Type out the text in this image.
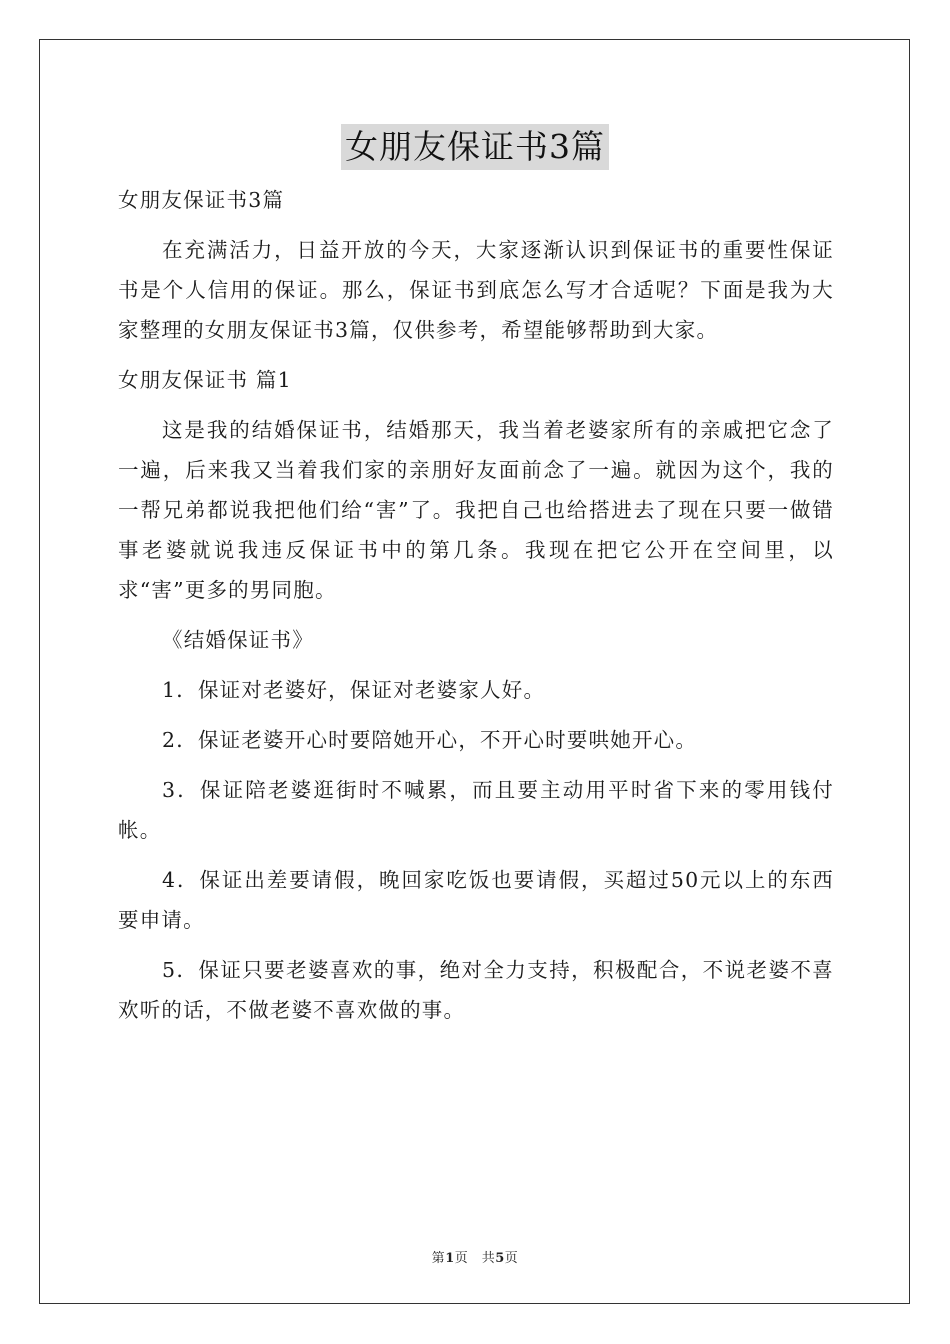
女朋友保证书3篇

女朋友保证书3篇

在充满活力，日益开放的今天，大家逐渐认识到保证书的重要性保证书是个人信用的保证。那么，保证书到底怎么写才合适呢？下面是我为大家整理的女朋友保证书3篇，仅供参考，希望能够帮助到大家。

女朋友保证书 篇1

这是我的结婚保证书，结婚那天，我当着老婆家所有的亲戚把它念了一遍，后来我又当着我们家的亲朋好友面前念了一遍。就因为这个，我的一帮兄弟都说我把他们给“害”了。我把自己也给搭进去了现在只要一做错事老婆就说我违反保证书中的第几条。我现在把它公开在空间里，以求“害”更多的男同胞。

《结婚保证书》

1．保证对老婆好，保证对老婆家人好。

2．保证老婆开心时要陪她开心，不开心时要哄她开心。

3．保证陪老婆逛街时不喊累，而且要主动用平时省下来的零用钱付帐。

4．保证出差要请假，晚回家吃饭也要请假，买超过50元以上的东西要申请。

5．保证只要老婆喜欢的事，绝对全力支持，积极配合，不说老婆不喜欢听的话，不做老婆不喜欢做的事。

第1页　共5页
